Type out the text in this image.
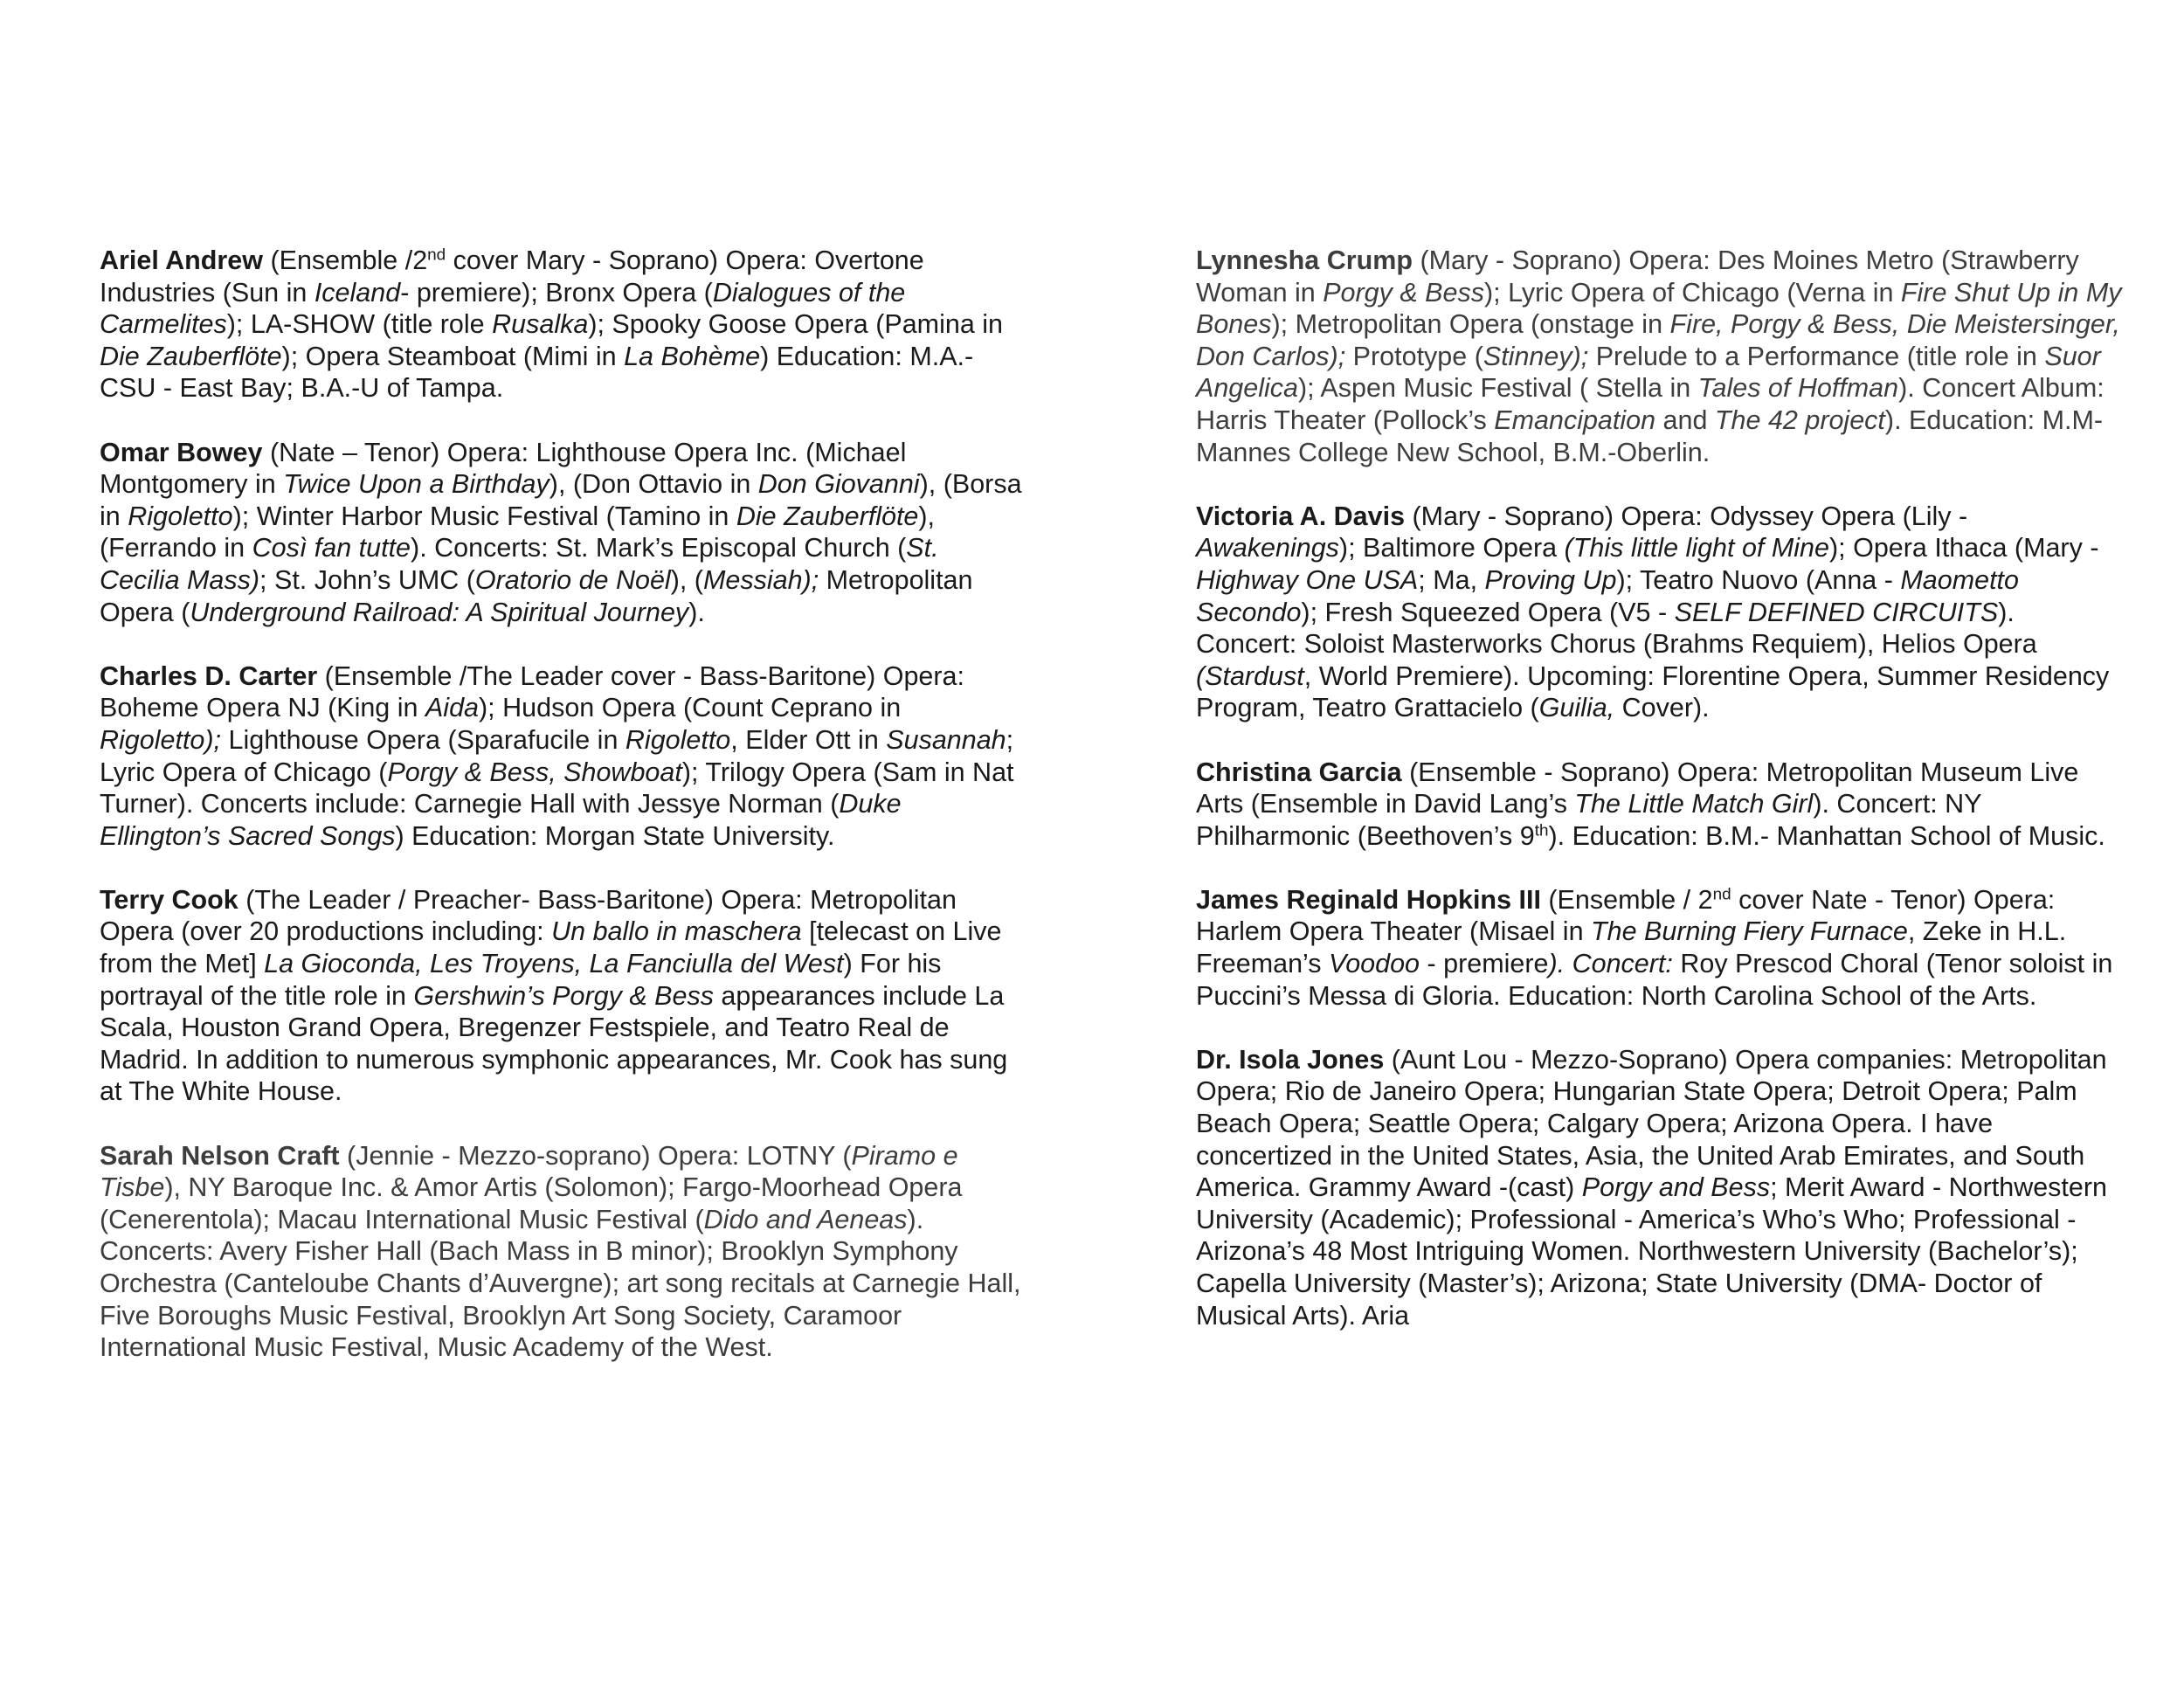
Ariel Andrew (Ensemble /2nd cover Mary - Soprano) Opera: Overtone Industries (Sun in Iceland- premiere); Bronx Opera (Dialogues of the Carmelites); LA-SHOW (title role Rusalka); Spooky Goose Opera (Pamina in Die Zauberflöte); Opera Steamboat (Mimi in La Bohème) Education: M.A.- CSU - East Bay; B.A.-U of Tampa.

Omar Bowey (Nate – Tenor) Opera: Lighthouse Opera Inc. (Michael Montgomery in Twice Upon a Birthday), (Don Ottavio in Don Giovanni), (Borsa in Rigoletto); Winter Harbor Music Festival (Tamino in Die Zauberflöte), (Ferrando in Così fan tutte). Concerts: St. Mark’s Episcopal Church (St. Cecilia Mass); St. John’s UMC (Oratorio de Noël), (Messiah); Metropolitan Opera (Underground Railroad: A Spiritual Journey).

Charles D. Carter (Ensemble /The Leader cover - Bass-Baritone) Opera: Boheme Opera NJ (King in Aida); Hudson Opera (Count Ceprano in Rigoletto); Lighthouse Opera (Sparafucile in Rigoletto, Elder Ott in Susannah; Lyric Opera of Chicago (Porgy & Bess, Showboat); Trilogy Opera (Sam in Nat Turner). Concerts include: Carnegie Hall with Jessye Norman (Duke Ellington’s Sacred Songs) Education: Morgan State University.

Terry Cook (The Leader / Preacher- Bass-Baritone) Opera: Metropolitan Opera (over 20 productions including: Un ballo in maschera [telecast on Live from the Met] La Gioconda, Les Troyens, La Fanciulla del West) For his portrayal of the title role in Gershwin’s Porgy & Bess appearances include La Scala, Houston Grand Opera, Bregenzer Festspiele, and Teatro Real de Madrid. In addition to numerous symphonic appearances, Mr. Cook has sung at The White House.

Sarah Nelson Craft (Jennie - Mezzo-soprano) Opera: LOTNY (Piramo e Tisbe), NY Baroque Inc. & Amor Artis (Solomon); Fargo-Moorhead Opera (Cenerentola); Macau International Music Festival (Dido and Aeneas). Concerts: Avery Fisher Hall (Bach Mass in B minor); Brooklyn Symphony Orchestra (Canteloube Chants d’Auvergne); art song recitals at Carnegie Hall, Five Boroughs Music Festival, Brooklyn Art Song Society, Caramoor International Music Festival, Music Academy of the West.

Lynnesha Crump (Mary - Soprano) Opera: Des Moines Metro (Strawberry Woman in Porgy & Bess); Lyric Opera of Chicago (Verna in Fire Shut Up in My Bones); Metropolitan Opera (onstage in Fire, Porgy & Bess, Die Meistersinger, Don Carlos); Prototype (Stinney); Prelude to a Performance (title role in Suor Angelica); Aspen Music Festival ( Stella in Tales of Hoffman). Concert Album: Harris Theater (Pollock’s Emancipation and The 42 project). Education: M.M- Mannes College New School, B.M.-Oberlin.

Victoria A. Davis (Mary - Soprano) Opera: Odyssey Opera (Lily - Awakenings); Baltimore Opera (This little light of Mine); Opera Ithaca (Mary - Highway One USA; Ma, Proving Up); Teatro Nuovo (Anna - Maometto Secondo); Fresh Squeezed Opera (V5 - SELF DEFINED CIRCUITS). Concert: Soloist Masterworks Chorus (Brahms Requiem), Helios Opera (Stardust, World Premiere). Upcoming: Florentine Opera, Summer Residency Program, Teatro Grattacielo (Guilia, Cover).

Christina Garcia (Ensemble - Soprano) Opera: Metropolitan Museum Live Arts (Ensemble in David Lang’s The Little Match Girl). Concert: NY Philharmonic (Beethoven’s 9th). Education: B.M.- Manhattan School of Music.

James Reginald Hopkins III (Ensemble / 2nd cover Nate - Tenor) Opera: Harlem Opera Theater (Misael in The Burning Fiery Furnace, Zeke in H.L. Freeman’s Voodoo - premiere). Concert: Roy Prescod Choral (Tenor soloist in Puccini’s Messa di Gloria. Education: North Carolina School of the Arts.

Dr. Isola Jones (Aunt Lou - Mezzo-Soprano) Opera companies: Metropolitan Opera; Rio de Janeiro Opera; Hungarian State Opera; Detroit Opera; Palm Beach Opera; Seattle Opera; Calgary Opera; Arizona Opera. I have concertized in the United States, Asia, the United Arab Emirates, and South America. Grammy Award -(cast) Porgy and Bess; Merit Award - Northwestern University (Academic); Professional - America’s Who’s Who; Professional - Arizona’s 48 Most Intriguing Women. Northwestern University (Bachelor’s); Capella University (Master’s); Arizona; State University (DMA- Doctor of Musical Arts). Aria
